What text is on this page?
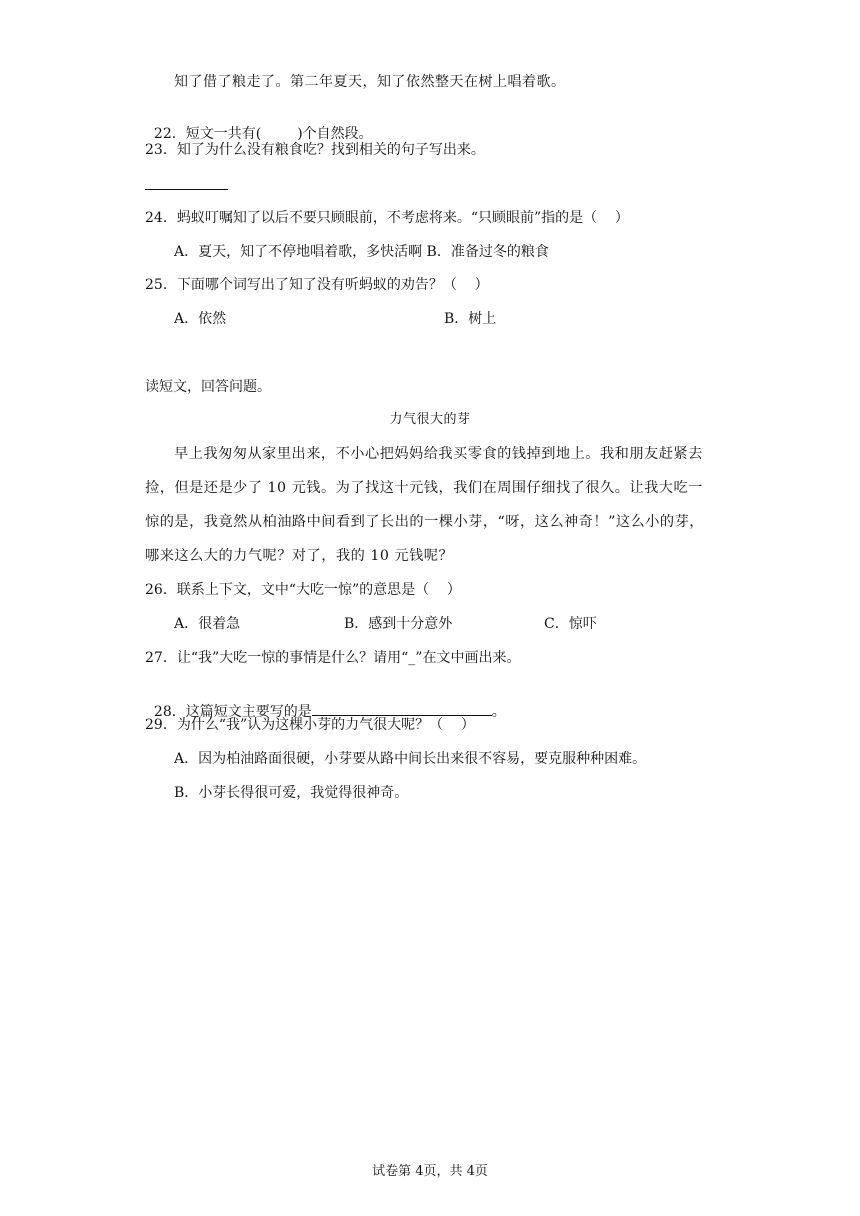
知了借了粮走了。第二年夏天，知了依然整天在树上唱着歌。

22．短文一共有(	)个自然段。

23．知了为什么没有粮食吃？找到相关的句子写出来。
24．蚂蚁叮嘱知了以后不要只顾眼前，不考虑将来。“只顾眼前”指的是（    ）
A．夏天，知了不停地唱着歌，多快活啊 B．准备过冬的粮食
25．下面哪个词写出了知了没有听蚂蚁的劝告？（    ）
A．依然	B．树上
读短文，回答问题。
力气很大的芽
早上我匆匆从家里出来，不小心把妈妈给我买零食的钱掉到地上。我和朋友赶紧去
捡，但是还是少了 10 元钱。为了找这十元钱，我们在周围仔细找了很久。让我大吃一
惊的是，我竟然从柏油路中间看到了长出的一棵小芽，“呀，这么神奇！”这么小的芽，
哪来这么大的力气呢？对了，我的 10 元钱呢？
26．联系上下文，文中“大吃一惊”的意思是（    ）
A．很着急	B．感到十分意外	C．惊吓
27．让“我”大吃一惊的事情是什么？请用“_”在文中画出来。

28．这篇短文主要写的是	。

29．为什么“我”认为这棵小芽的力气很大呢？（    ）
A．因为柏油路面很硬，小芽要从路中间长出来很不容易，要克服种种困难。
B．小芽长得很可爱，我觉得很神奇。
试卷第 4页，共 4页
